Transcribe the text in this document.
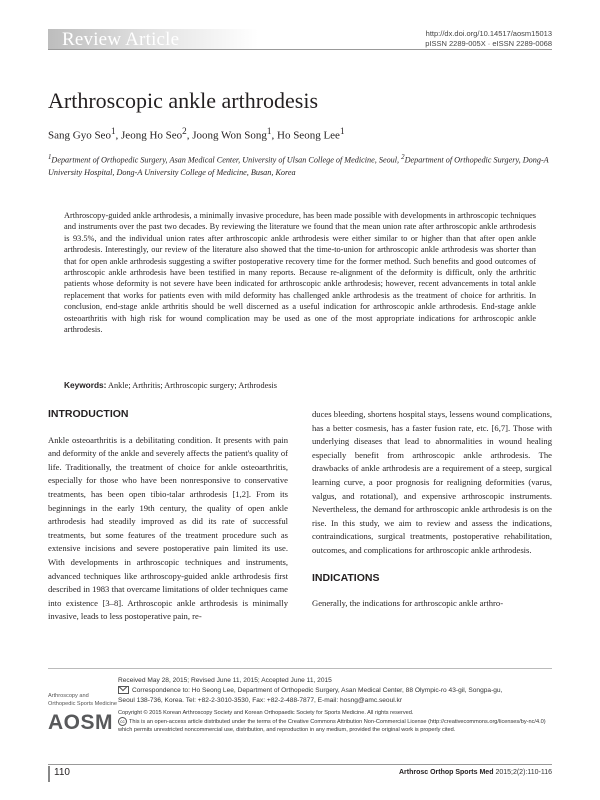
Review Article	http://dx.doi.org/10.14517/aosm15013
pISSN 2289-005X · eISSN 2289-0068
Arthroscopic ankle arthrodesis
Sang Gyo Seo$^1$, Jeong Ho Seo$^2$, Joong Won Song$^1$, Ho Seong Lee$^1$
$^1$Department of Orthopedic Surgery, Asan Medical Center, University of Ulsan College of Medicine, Seoul, $^2$Department of Orthopedic Surgery, Dong-A University Hospital, Dong-A University College of Medicine, Busan, Korea
Arthroscopy-guided ankle arthrodesis, a minimally invasive procedure, has been made possible with developments in arthroscopic techniques and instruments over the past two decades. By reviewing the literature we found that the mean union rate after arthroscopic ankle arthrodesis is 93.5%, and the individual union rates after arthroscopic ankle arthrodesis were either similar to or higher than that after open ankle arthrodesis. Interestingly, our review of the literature also showed that the time-to-union for arthroscopic ankle arthrodesis was shorter than that for open ankle arthrodesis suggesting a swifter postoperative recovery time for the former method. Such benefits and good outcomes of arthroscopic ankle arthrodesis have been testified in many reports. Because re-alignment of the deformity is difficult, only the arthritic patients whose deformity is not severe have been indicated for arthroscopic ankle arthrodesis; however, recent advancements in total ankle replacement that works for patients even with mild deformity has challenged ankle arthrodesis as the treatment of choice for arthritis. In conclusion, end-stage ankle arthritis should be well discerned as a useful indication for arthroscopic ankle arthrodesis. End-stage ankle osteoarthritis with high risk for wound complication may be used as one of the most appropriate indications for arthroscopic ankle arthrodesis.
Keywords: Ankle; Arthritis; Arthroscopic surgery; Arthrodesis
INTRODUCTION

Ankle osteoarthritis is a debilitating condition. It presents with pain and deformity of the ankle and severely affects the patient's quality of life. Traditionally, the treatment of choice for ankle osteoarthritis, especially for those who have been nonresponsive to conservative treatments, has been open tibio-talar arthrodesis [1,2]. From its beginnings in the early 19th century, the quality of open ankle arthrodesis had steadily improved as did its rate of successful treatments, but some features of the treatment procedure such as extensive incisions and severe postoperative pain limited its use. With developments in arthroscopic techniques and instruments, advanced techniques like arthroscopy-guided ankle arthrodesis first described in 1983 that overcame limitations of older techniques came into existence [3–8]. Arthroscopic ankle arthrodesis is minimally invasive, leads to less postoperative pain, re-

duces bleeding, shortens hospital stays, lessens wound complications, has a better cosmesis, has a faster fusion rate, etc. [6,7]. Those with underlying diseases that lead to abnormalities in wound healing especially benefit from arthroscopic ankle arthrodesis. The drawbacks of ankle arthrodesis are a requirement of a steep, surgical learning curve, a poor prognosis for realigning deformities (varus, valgus, and rotational), and expensive arthroscopic instruments. Nevertheless, the demand for arthroscopic ankle arthrodesis is on the rise. In this study, we aim to review and assess the indications, contraindications, surgical treatments, postoperative rehabilitation, outcomes, and complications for arthroscopic ankle arthrodesis.

INDICATIONS

Generally, the indications for arthroscopic ankle arthro-

Received May 28, 2015; Revised June 11, 2015; Accepted June 11, 2015
Correspondence to: Ho Seong Lee, Department of Orthopedic Surgery, Asan Medical Center, 88 Olympic-ro 43-gil, Songpa-gu,
Seoul 138-736, Korea. Tel: +82-2-3010-3530, Fax: +82-2-488-7877, E-mail: hosng@amc.seoul.kr
Copyright © 2015 Korean Arthroscopy Society and Korean Orthopaedic Society for Sports Medicine. All rights reserved.
cc This is an open-access article distributed under the terms of the Creative Commons Attribution Non-Commercial License (http://creativecommons.org/licenses/by-nc/4.0) which permits unrestricted noncommercial use, distribution, and reproduction in any medium, provided the original work is properly cited.
Arthroscopy and
Orthopedic Sports Medicine
AOSM
110	Arthrosc Orthop Sports Med 2015;2(2):110-116
